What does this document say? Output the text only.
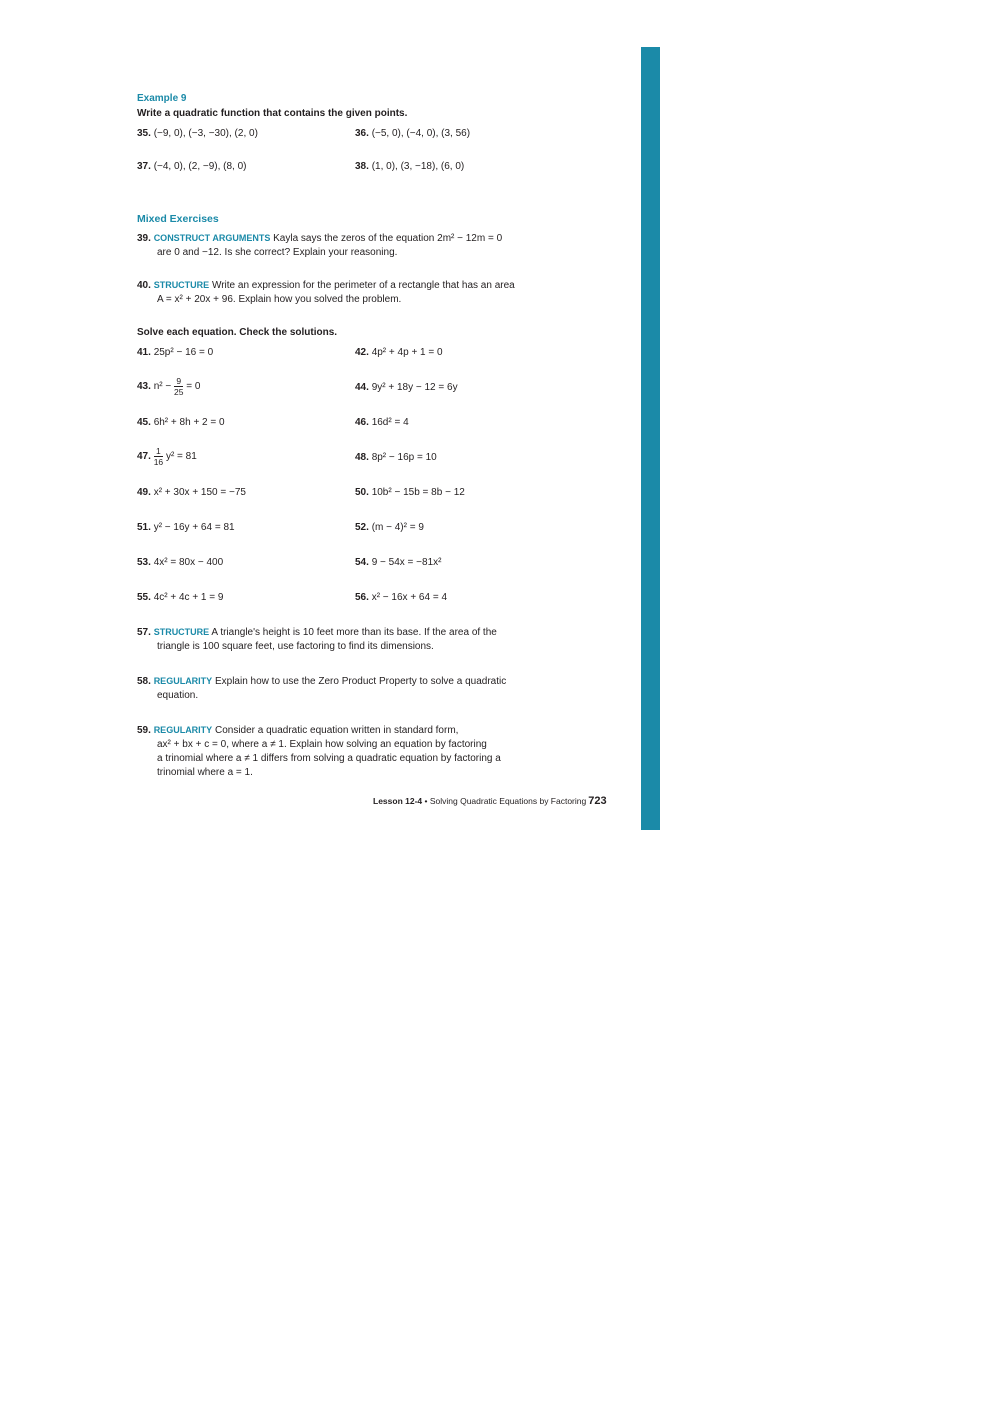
Example 9
Write a quadratic function that contains the given points.
35. (−9, 0), (−3, −30), (2, 0)	36. (−5, 0), (−4, 0), (3, 56)
37. (−4, 0), (2, −9), (8, 0)	38. (1, 0), (3, −18), (6, 0)
Mixed Exercises
39. CONSTRUCT ARGUMENTS Kayla says the zeros of the equation 2m² − 12m = 0
are 0 and −12. Is she correct? Explain your reasoning.
40. STRUCTURE Write an expression for the perimeter of a rectangle that has an area
A = x² + 20x + 96. Explain how you solved the problem.
Solve each equation. Check the solutions.
41. 25p² − 16 = 0	42. 4p² + 4p + 1 = 0
43.
n² −
$\frac{9}{25}$
= 0	44. 9y² + 18y − 12 = 6y
45. 6h² + 8h + 2 = 0	46. 16d² = 4
47.
1
16
y² = 81	48. 8p² − 16p = 10
49. x² + 30x + 150 = −75	50. 10b² − 15b = 8b − 12
51. y² − 16y + 64 = 81	52. (m − 4)² = 9
53. 4x² = 80x − 400	54. 9 − 54x = −81x²
55. 4c² + 4c + 1 = 9	56. x² − 16x + 64 = 4
57. STRUCTURE A triangle's height is 10 feet more than its base. If the area of the
triangle is 100 square feet, use factoring to find its dimensions.
58. REGULARITY Explain how to use the Zero Product Property to solve a quadratic
equation.
59. REGULARITY Consider a quadratic equation written in standard form,
ax² + bx + c = 0, where a ≠ 1. Explain how solving an equation by factoring
a trinomial where a ≠ 1 differs from solving a quadratic equation by factoring a
trinomial where a = 1.
Lesson 12-4 • Solving Quadratic Equations by Factoring 723
